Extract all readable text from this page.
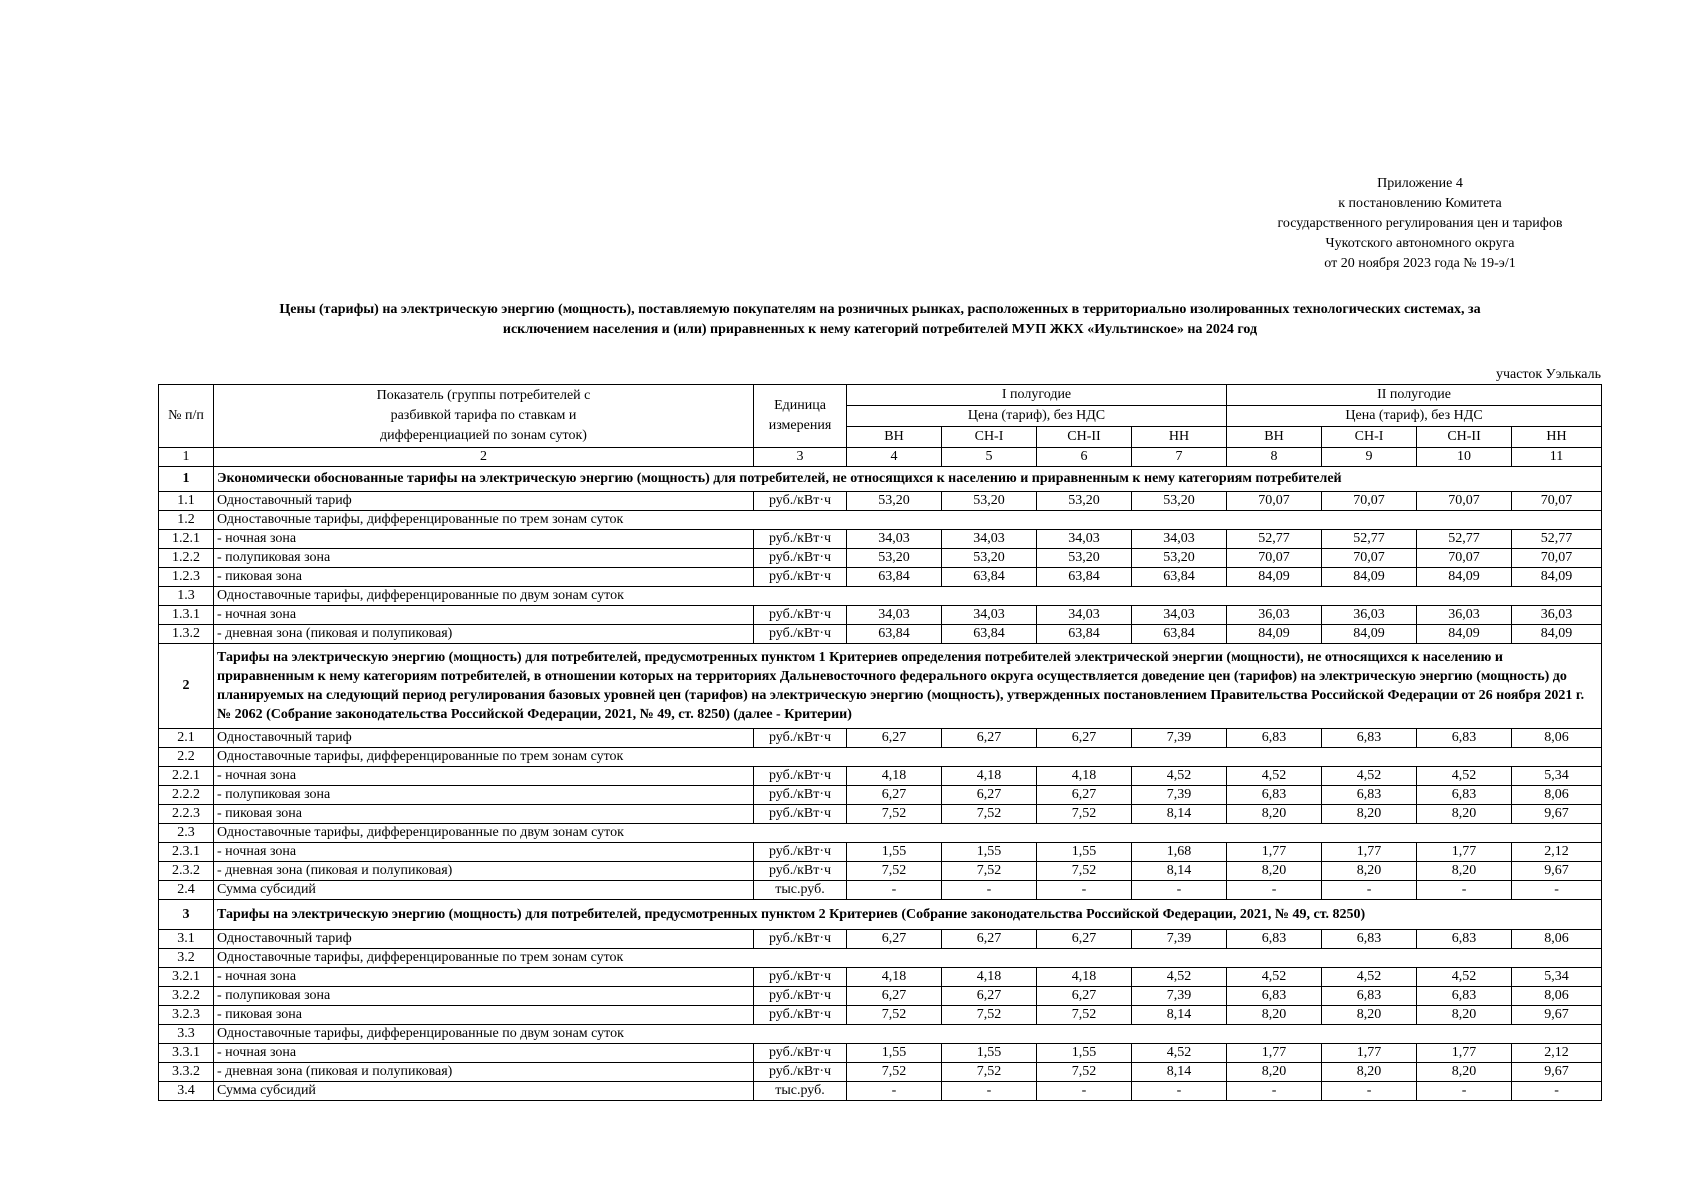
Приложение 4
к постановлению Комитета
государственного регулирования цен и тарифов
Чукотского автономного округа
от 20 ноября 2023 года № 19-э/1
Цены (тарифы) на электрическую энергию (мощность), поставляемую покупателям на розничных рынках, расположенных в территориально изолированных технологических системах, за
исключением населения и (или) приравненных к нему категорий потребителей МУП ЖКХ «Иультинское» на 2024 год
участок Уэлькаль
№ п/п	Показатель (группы потребителей с разбивкой тарифа по ставкам и дифференциацией по зонам суток)	Единица измерения	I полугодие				II полугодие			
			Цена (тариф), без НДС				Цена (тариф), без НДС			
			ВН	СН-I	СН-II	НН	ВН	СН-I	СН-II	НН
1	2	3	4	5	6	7	8	9	10	11
1	Экономически обоснованные тарифы на электрическую энергию (мощность) для потребителей, не относящихся к населению и приравненным к нему категориям потребителей									
1.1	Одноставочный тариф	руб./кВт·ч	53,20	53,20	53,20	53,20	70,07	70,07	70,07	70,07
1.2	Одноставочные тарифы, дифференцированные по трем зонам суток									
1.2.1	- ночная зона	руб./кВт·ч	34,03	34,03	34,03	34,03	52,77	52,77	52,77	52,77
1.2.2	- полупиковая зона	руб./кВт·ч	53,20	53,20	53,20	53,20	70,07	70,07	70,07	70,07
1.2.3	- пиковая зона	руб./кВт·ч	63,84	63,84	63,84	63,84	84,09	84,09	84,09	84,09
1.3	Одноставочные тарифы, дифференцированные по двум зонам суток									
1.3.1	- ночная зона	руб./кВт·ч	34,03	34,03	34,03	34,03	36,03	36,03	36,03	36,03
1.3.2	- дневная зона (пиковая и полупиковая)	руб./кВт·ч	63,84	63,84	63,84	63,84	84,09	84,09	84,09	84,09
2	Тарифы на электрическую энергию (мощность) для потребителей, предусмотренных пунктом 1 Критериев определения потребителей электрической энергии (мощности), не относящихся к населению и приравненным к нему категориям потребителей, в отношении которых на территориях Дальневосточного федерального округа осуществляется доведение цен (тарифов) на электрическую энергию (мощность) до планируемых на следующий период регулирования базовых уровней цен (тарифов) на электрическую энергию (мощность), утвержденных постановлением Правительства Российской Федерации от 26 ноября 2021 г. № 2062 (Собрание законодательства Российской Федерации, 2021, № 49, ст. 8250) (далее - Критерии)									
2.1	Одноставочный тариф	руб./кВт·ч	6,27	6,27	6,27	7,39	6,83	6,83	6,83	8,06
2.2	Одноставочные тарифы, дифференцированные по трем зонам суток									
2.2.1	- ночная зона	руб./кВт·ч	4,18	4,18	4,18	4,52	4,52	4,52	4,52	5,34
2.2.2	- полупиковая зона	руб./кВт·ч	6,27	6,27	6,27	7,39	6,83	6,83	6,83	8,06
2.2.3	- пиковая зона	руб./кВт·ч	7,52	7,52	7,52	8,14	8,20	8,20	8,20	9,67
2.3	Одноставочные тарифы, дифференцированные по двум зонам суток									
2.3.1	- ночная зона	руб./кВт·ч	1,55	1,55	1,55	1,68	1,77	1,77	1,77	2,12
2.3.2	- дневная зона (пиковая и полупиковая)	руб./кВт·ч	7,52	7,52	7,52	8,14	8,20	8,20	8,20	9,67
2.4	Сумма субсидий	тыс.руб.	-	-	-	-	-	-	-	-
3	Тарифы на электрическую энергию (мощность) для потребителей, предусмотренных пунктом 2 Критериев (Собрание законодательства Российской Федерации, 2021, № 49, ст. 8250)									
3.1	Одноставочный тариф	руб./кВт·ч	6,27	6,27	6,27	7,39	6,83	6,83	6,83	8,06
3.2	Одноставочные тарифы, дифференцированные по трем зонам суток									
3.2.1	- ночная зона	руб./кВт·ч	4,18	4,18	4,18	4,52	4,52	4,52	4,52	5,34
3.2.2	- полупиковая зона	руб./кВт·ч	6,27	6,27	6,27	7,39	6,83	6,83	6,83	8,06
3.2.3	- пиковая зона	руб./кВт·ч	7,52	7,52	7,52	8,14	8,20	8,20	8,20	9,67
3.3	Одноставочные тарифы, дифференцированные по двум зонам суток									
3.3.1	- ночная зона	руб./кВт·ч	1,55	1,55	1,55	4,52	1,77	1,77	1,77	2,12
3.3.2	- дневная зона (пиковая и полупиковая)	руб./кВт·ч	7,52	7,52	7,52	8,14	8,20	8,20	8,20	9,67
3.4	Сумма субсидий	тыс.руб.	-	-	-	-	-	-	-	-
